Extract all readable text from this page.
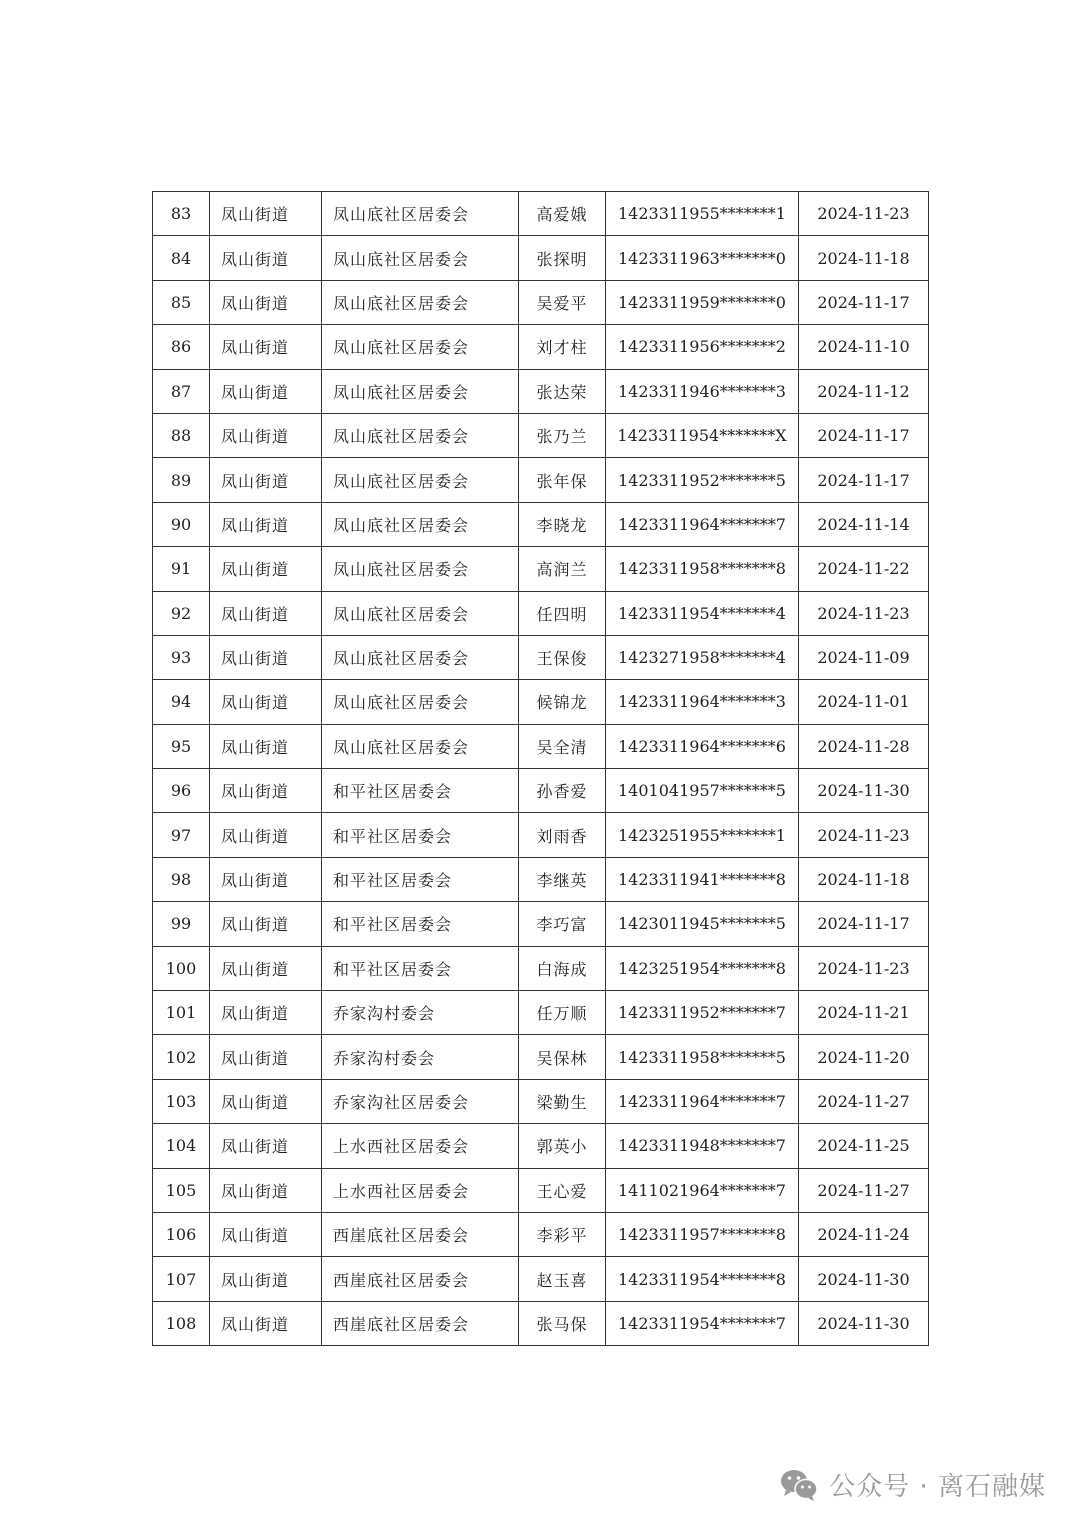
83	凤山街道	凤山底社区居委会	高爱娥	1423311955*******1	2024-11-23
84	凤山街道	凤山底社区居委会	张探明	1423311963*******0	2024-11-18
85	凤山街道	凤山底社区居委会	吴爱平	1423311959*******0	2024-11-17
86	凤山街道	凤山底社区居委会	刘才柱	1423311956*******2	2024-11-10
87	凤山街道	凤山底社区居委会	张达荣	1423311946*******3	2024-11-12
88	凤山街道	凤山底社区居委会	张乃兰	1423311954*******X	2024-11-17
89	凤山街道	凤山底社区居委会	张年保	1423311952*******5	2024-11-17
90	凤山街道	凤山底社区居委会	李晓龙	1423311964*******7	2024-11-14
91	凤山街道	凤山底社区居委会	高润兰	1423311958*******8	2024-11-22
92	凤山街道	凤山底社区居委会	任四明	1423311954*******4	2024-11-23
93	凤山街道	凤山底社区居委会	王保俊	1423271958*******4	2024-11-09
94	凤山街道	凤山底社区居委会	候锦龙	1423311964*******3	2024-11-01
95	凤山街道	凤山底社区居委会	吴全清	1423311964*******6	2024-11-28
96	凤山街道	和平社区居委会	孙香爱	1401041957*******5	2024-11-30
97	凤山街道	和平社区居委会	刘雨香	1423251955*******1	2024-11-23
98	凤山街道	和平社区居委会	李继英	1423311941*******8	2024-11-18
99	凤山街道	和平社区居委会	李巧富	1423011945*******5	2024-11-17
100	凤山街道	和平社区居委会	白海成	1423251954*******8	2024-11-23
101	凤山街道	乔家沟村委会	任万顺	1423311952*******7	2024-11-21
102	凤山街道	乔家沟村委会	吴保林	1423311958*******5	2024-11-20
103	凤山街道	乔家沟社区居委会	梁勤生	1423311964*******7	2024-11-27
104	凤山街道	上水西社区居委会	郭英小	1423311948*******7	2024-11-25
105	凤山街道	上水西社区居委会	王心爱	1411021964*******7	2024-11-27
106	凤山街道	西崖底社区居委会	李彩平	1423311957*******8	2024-11-24
107	凤山街道	西崖底社区居委会	赵玉喜	1423311954*******8	2024-11-30
108	凤山街道	西崖底社区居委会	张马保	1423311954*******7	2024-11-30
公众号 · 离石融媒
